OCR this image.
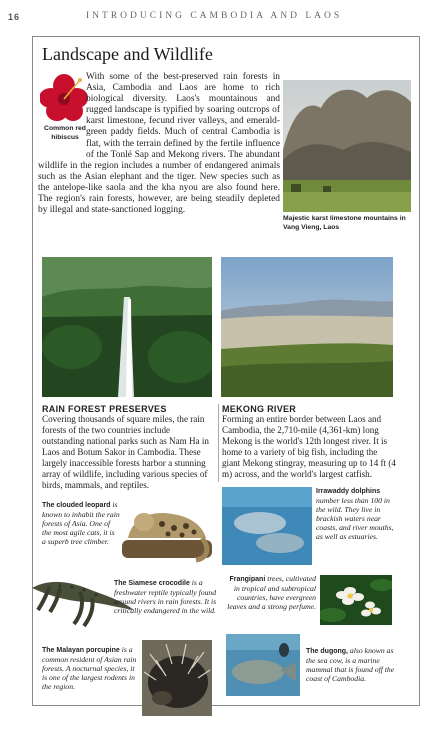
16	INTRODUCING CAMBODIA AND LAOS
Landscape and Wildlife
Common red hibiscus
With some of the best-preserved rain forests in Asia, Cambodia and Laos are home to rich biological diversity. Laos's mountainous and rugged landscape is typified by soaring outcrops of karst limestone, fecund river valleys, and emerald-green paddy fields. Much of central Cambodia is flat, with the terrain defined by the fertile influence of the Tonlé Sap and Mekong rivers. The abundant wildlife in the region includes a number of endangered animals such as the Asian elephant and the tiger. New species such as the antelope-like saola and the kha nyou are also found here. The region's rain forests, however, are being steadily depleted by illegal and state-sanctioned logging.
Majestic karst limestone mountains in Vang Vieng, Laos
RAIN FOREST PRESERVES
Covering thousands of square miles, the rain forests of the two countries include outstanding national parks such as Nam Ha in Laos and Botum Sakor in Cambodia. These largely inaccessible forests harbor a stunning array of wildlife, including various species of birds, mammals, and reptiles.
MEKONG RIVER
Forming an entire border between Laos and Cambodia, the 2,710-mile (4,361-km) long Mekong is the world's 12th longest river. It is home to a variety of big fish, including the giant Mekong stingray, measuring up to 14 ft (4 m) across, and the world's largest catfish.
The clouded leopard is known to inhabit the rain forests of Asia. One of the most agile cats, it is a superb tree climber.
Irrawaddy dolphins number less than 100 in the wild. They live in brackish waters near coasts, and river mouths, as well as estuaries.
The Siamese crocodile is a freshwater reptile typically found around rivers in rain forests. It is critically endangered in the wild.
Frangipani trees, cultivated in tropical and subtropical countries, have evergreen leaves and a strong perfume.
The Malayan porcupine is a common resident of Asian rain forests. A nocturnal species, it is one of the largest rodents in the region.
The dugong, also known as the sea cow, is a marine mammal that is found off the coast of Cambodia.
